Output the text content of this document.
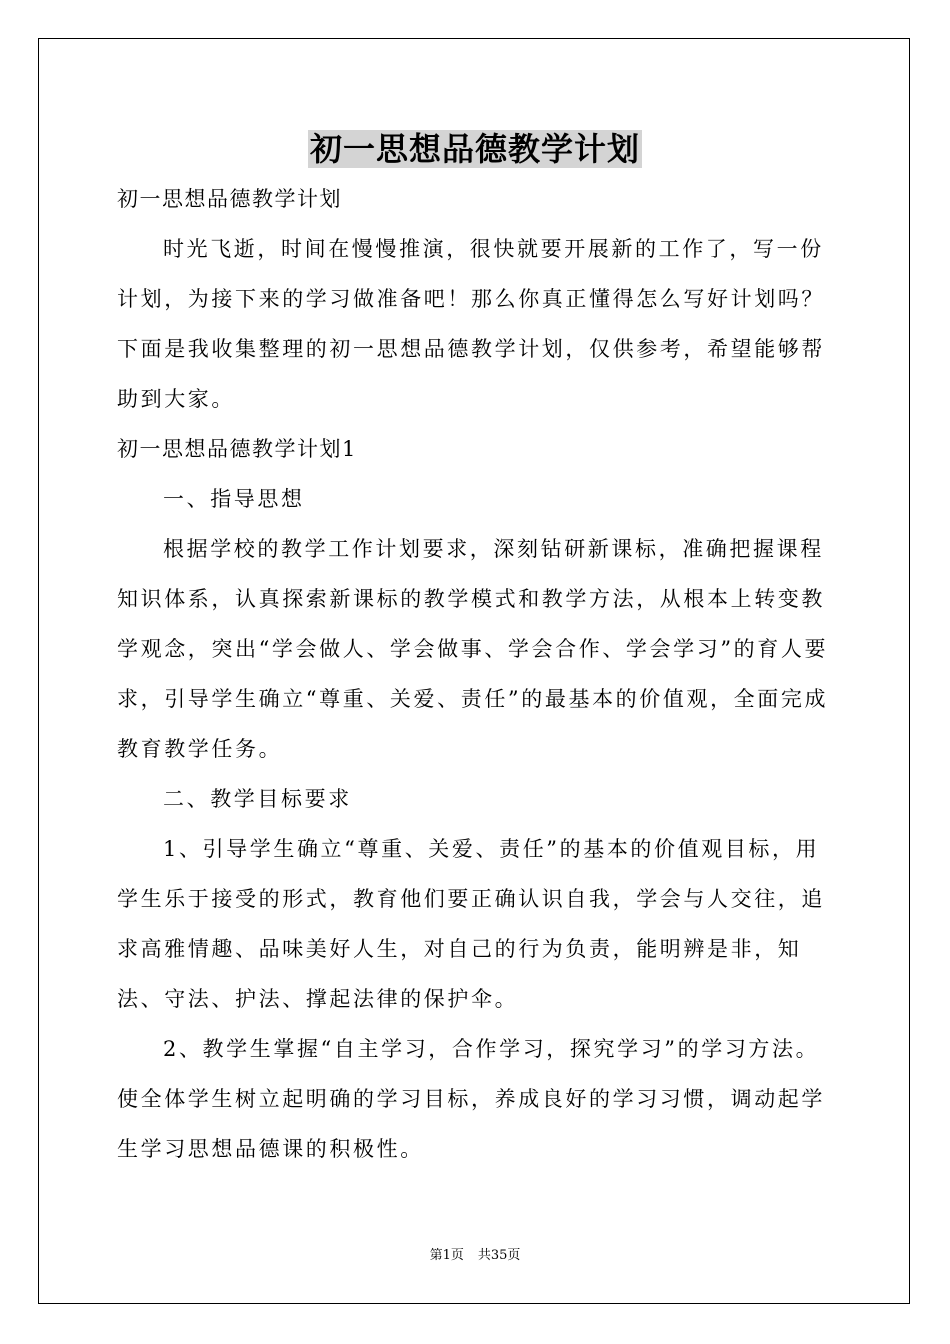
初一思想品德教学计划

初一思想品德教学计划

时光飞逝，时间在慢慢推演，很快就要开展新的工作了，写一份计划，为接下来的学习做准备吧！那么你真正懂得怎么写好计划吗？下面是我收集整理的初一思想品德教学计划，仅供参考，希望能够帮助到大家。

初一思想品德教学计划1

一、指导思想

根据学校的教学工作计划要求，深刻钻研新课标，准确把握课程知识体系，认真探索新课标的教学模式和教学方法，从根本上转变教学观念，突出“学会做人、学会做事、学会合作、学会学习”的育人要求，引导学生确立“尊重、关爱、责任”的最基本的价值观，全面完成教育教学任务。

二、教学目标要求

1、引导学生确立“尊重、关爱、责任”的基本的价值观目标，用学生乐于接受的形式，教育他们要正确认识自我，学会与人交往，追求高雅情趣、品味美好人生，对自己的行为负责，能明辨是非，知法、守法、护法、撑起法律的保护伞。

2、教学生掌握“自主学习，合作学习，探究学习”的学习方法。使全体学生树立起明确的学习目标，养成良好的学习习惯，调动起学生学习思想品德课的积极性。

第1页 共35页
